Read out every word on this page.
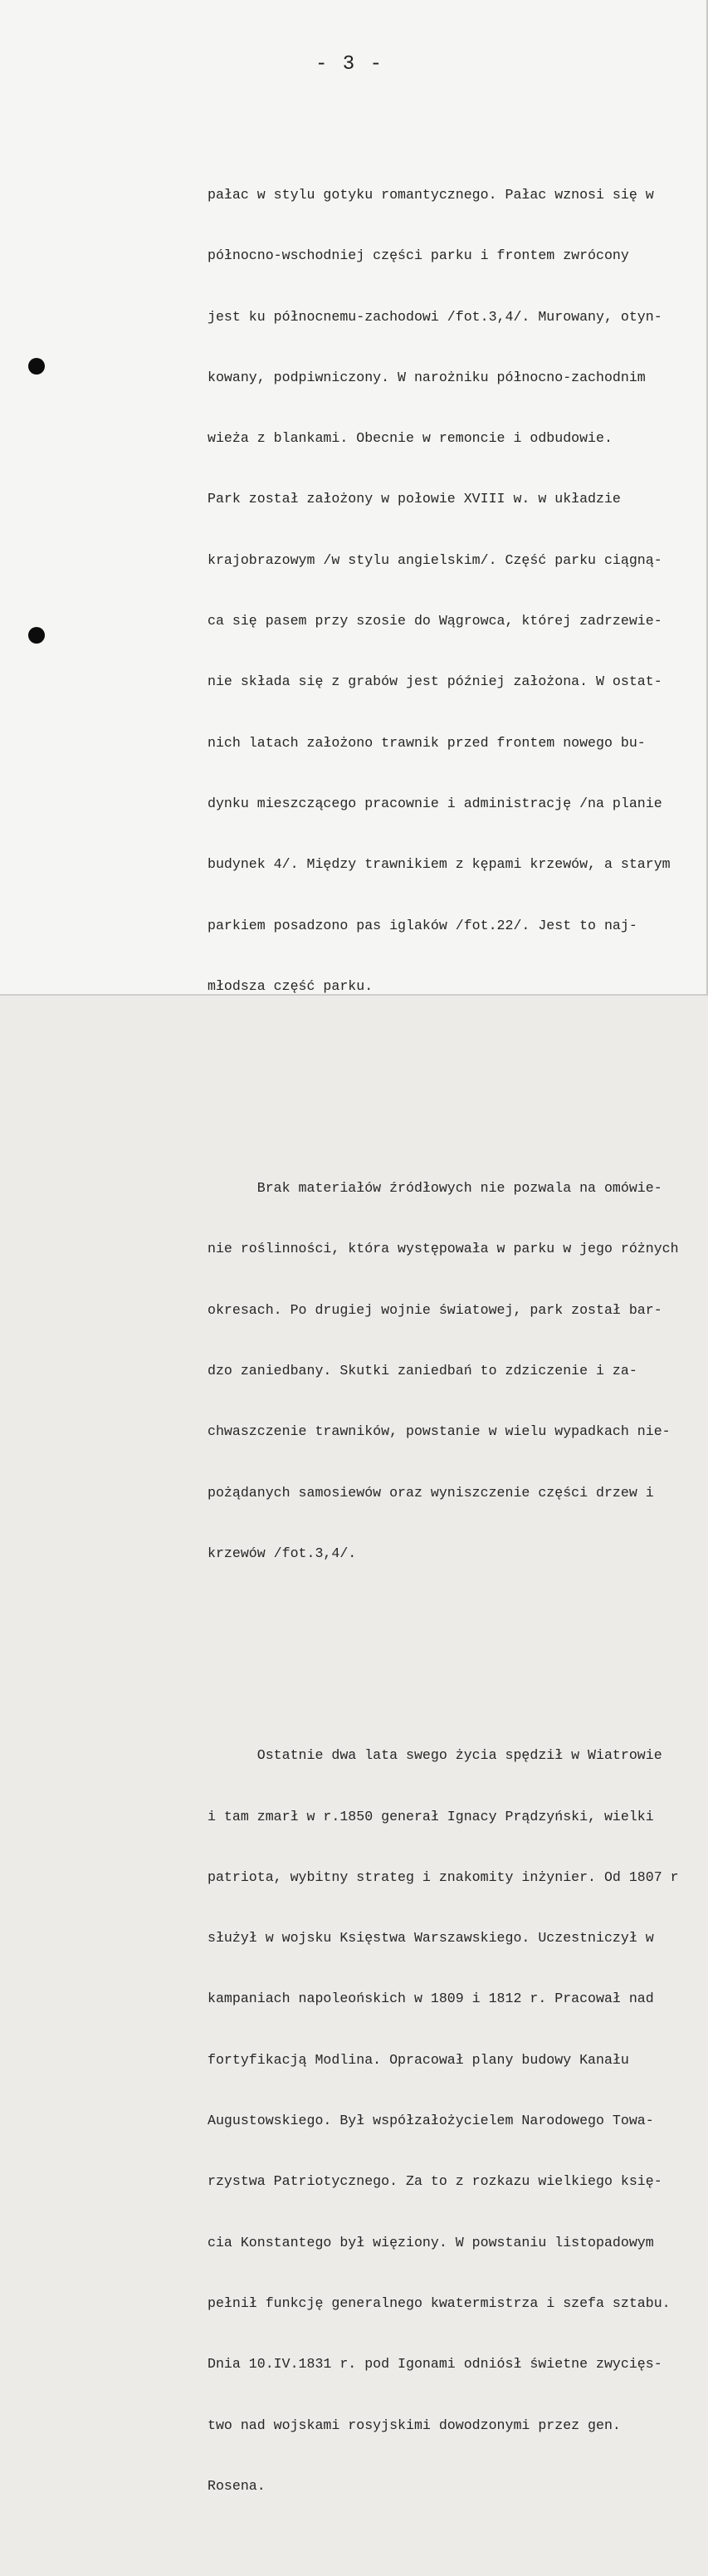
- 3 -

pałac w stylu gotyku romantycznego. Pałac wznosi się w

północno-wschodniej części parku i frontem zwrócony

jest ku północnemu-zachodowi /fot.3,4/. Murowany, otyn-

kowany, podpiwniczony. W narożniku północno-zachodnim

wieża z blankami. Obecnie w remoncie i odbudowie.

Park został założony w połowie XVIII w. w układzie

krajobrazowym /w stylu angielskim/. Część parku ciągną-

ca się pasem przy szosie do Wągrowca, której zadrzewie-

nie składa się z grabów jest później założona. W ostat-

nich latach założono trawnik przed frontem nowego bu-

dynku mieszczącego pracownie i administrację /na planie

budynek 4/. Między trawnikiem z kępami krzewów, a starym

parkiem posadzono pas iglaków /fot.22/. Jest to naj-

młodsza część parku.

Brak materiałów źródłowych nie pozwala na omówie-

nie roślinności, która występowała w parku w jego różnych

okresach. Po drugiej wojnie światowej, park został bar-

dzo zaniedbany. Skutki zaniedbań to zdziczenie i za-

chwaszczenie trawników, powstanie w wielu wypadkach nie-

pożądanych samosiewów oraz wyniszczenie części drzew i

krzewów /fot.3,4/.

Ostatnie dwa lata swego życia spędził w Wiatrowie

i tam zmarł w r.1850 generał Ignacy Prądzyński, wielki

patriota, wybitny strateg i znakomity inżynier. Od 1807 r

służył w wojsku Księstwa Warszawskiego. Uczestniczył w

kampaniach napoleońskich w 1809 i 1812 r. Pracował nad

fortyfikacją Modlina. Opracował plany budowy Kanału

Augustowskiego. Był współzałożycielem Narodowego Towa-

rzystwa Patriotycznego. Za to z rozkazu wielkiego księ-

cia Konstantego był więziony. W powstaniu listopadowym

pełnił funkcję generalnego kwatermistrza i szefa sztabu.

Dnia 10.IV.1831 r. pod Igonami odniósł świetne zwycięs-

two nad wojskami rosyjskimi dowodzonymi przez gen.

Rosena.
